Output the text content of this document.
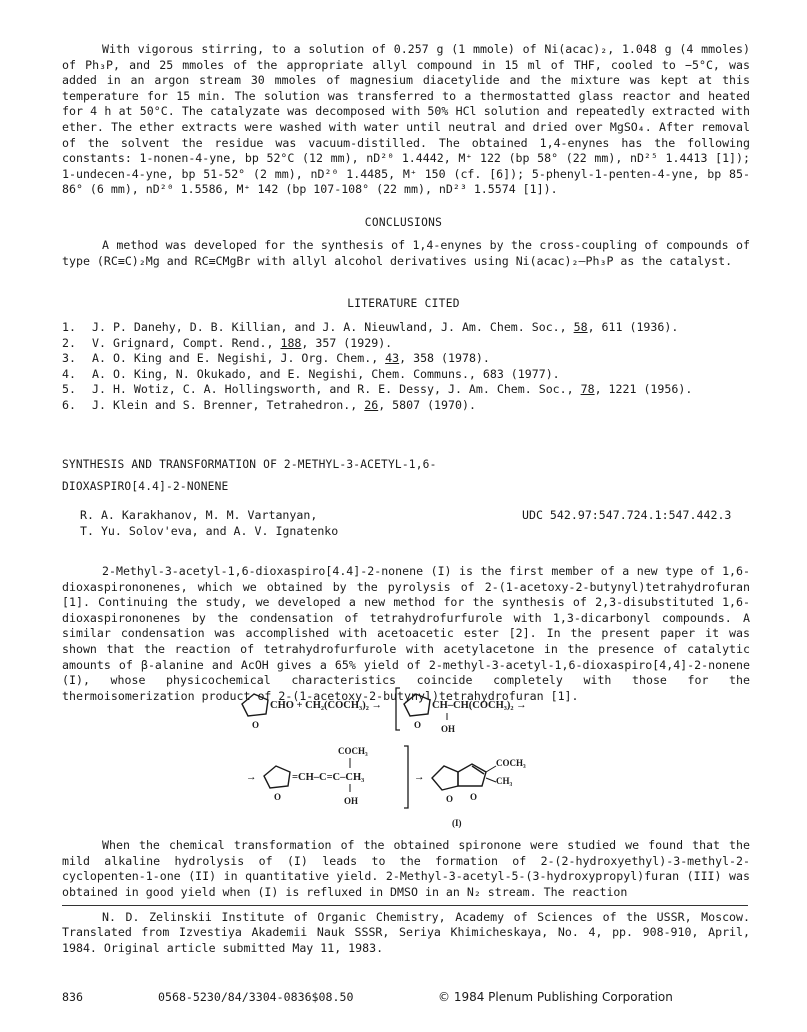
With vigorous stirring, to a solution of 0.257 g (1 mmole) of Ni(acac)₂, 1.048 g (4 mmoles) of Ph₃P, and 25 mmoles of the appropriate allyl compound in 15 ml of THF, cooled to −5°C, was added in an argon stream 30 mmoles of magnesium diacetylide and the mixture was kept at this temperature for 15 min. The solution was transferred to a thermostatted glass reactor and heated for 4 h at 50°C. The catalyzate was decomposed with 50% HCl solution and repeatedly extracted with ether. The ether extracts were washed with water until neutral and dried over MgSO₄. After removal of the solvent the residue was vacuum-distilled. The obtained 1,4-enynes has the following constants: 1-nonen-4-yne, bp 52°C (12 mm), nD²⁰ 1.4442, M⁺ 122 (bp 58° (22 mm), nD²⁵ 1.4413 [1]); 1-undecen-4-yne, bp 51-52° (2 mm), nD²⁰ 1.4485, M⁺ 150 (cf. [6]); 5-phenyl-1-penten-4-yne, bp 85-86° (6 mm), nD²⁰ 1.5586, M⁺ 142 (bp 107-108° (22 mm), nD²³ 1.5574 [1]).

CONCLUSIONS

A method was developed for the synthesis of 1,4-enynes by the cross-coupling of compounds of type (RC≡C)₂Mg and RC≡CMgBr with allyl alcohol derivatives using Ni(acac)₂–Ph₃P as the catalyst.

LITERATURE CITED
1.	J. P. Danehy, D. B. Killian, and J. A. Nieuwland, J. Am. Chem. Soc., 58, 611 (1936).
2.	V. Grignard, Compt. Rend., 188, 357 (1929).
3.	A. O. King and E. Negishi, J. Org. Chem., 43, 358 (1978).
4.	A. O. King, N. Okukado, and E. Negishi, Chem. Communs., 683 (1977).
5.	J. H. Wotiz, C. A. Hollingsworth, and R. E. Dessy, J. Am. Chem. Soc., 78, 1221 (1956).
6.	J. Klein and S. Brenner, Tetrahedron., 26, 5807 (1970).
SYNTHESIS AND TRANSFORMATION OF 2-METHYL-3-ACETYL-1,6-
DIOXASPIRO[4.4]-2-NONENE
R. A. Karakhanov, M. M. Vartanyan,
T. Yu. Solov'eva, and A. V. Ignatenko
UDC 542.97:547.724.1:547.442.3

2-Methyl-3-acetyl-1,6-dioxaspiro[4.4]-2-nonene (I) is the first member of a new type of 1,6-dioxaspirononenes, which we obtained by the pyrolysis of 2-(1-acetoxy-2-butynyl)tetrahydrofuran [1]. Continuing the study, we developed a new method for the synthesis of 2,3-disubstituted 1,6-dioxaspirononenes by the condensation of tetrahydrofurfurole with 1,3-dicarbonyl compounds. A similar condensation was accomplished with acetoacetic ester [2]. In the present paper it was shown that the reaction of tetrahydrofurfurole with acetylacetone in the presence of catalytic amounts of β-alanine and AcOH gives a 65% yield of 2-methyl-3-acetyl-1,6-dioxaspiro[4,4]-2-nonene (I), whose physicochemical characteristics coincide completely with those for the thermoisomerization product of 2-(1-acetoxy-2-butynyl)tetrahydrofuran [1].

O
CHO + CH₂(COCH₃)₂ →
O
CH–CH(COCH₃)₂ →
OH
COCH₃
→
O
=CH–C=C–CH₃
OH
→
O O
COCH₃
CH₃
(I)

When the chemical transformation of the obtained spironone were studied we found that the mild alkaline hydrolysis of (I) leads to the formation of 2-(2-hydroxyethyl)-3-methyl-2-cyclopenten-1-one (II) in quantitative yield. 2-Methyl-3-acetyl-5-(3-hydroxypropyl)furan (III) was obtained in good yield when (I) is refluxed in DMSO in an N₂ stream. The reaction

N. D. Zelinskii Institute of Organic Chemistry, Academy of Sciences of the USSR, Moscow. Translated from Izvestiya Akademii Nauk SSSR, Seriya Khimicheskaya, No. 4, pp. 908-910, April, 1984. Original article submitted May 11, 1983.

836	0568-5230/84/3304-0836$08.50	© 1984 Plenum Publishing Corporation
